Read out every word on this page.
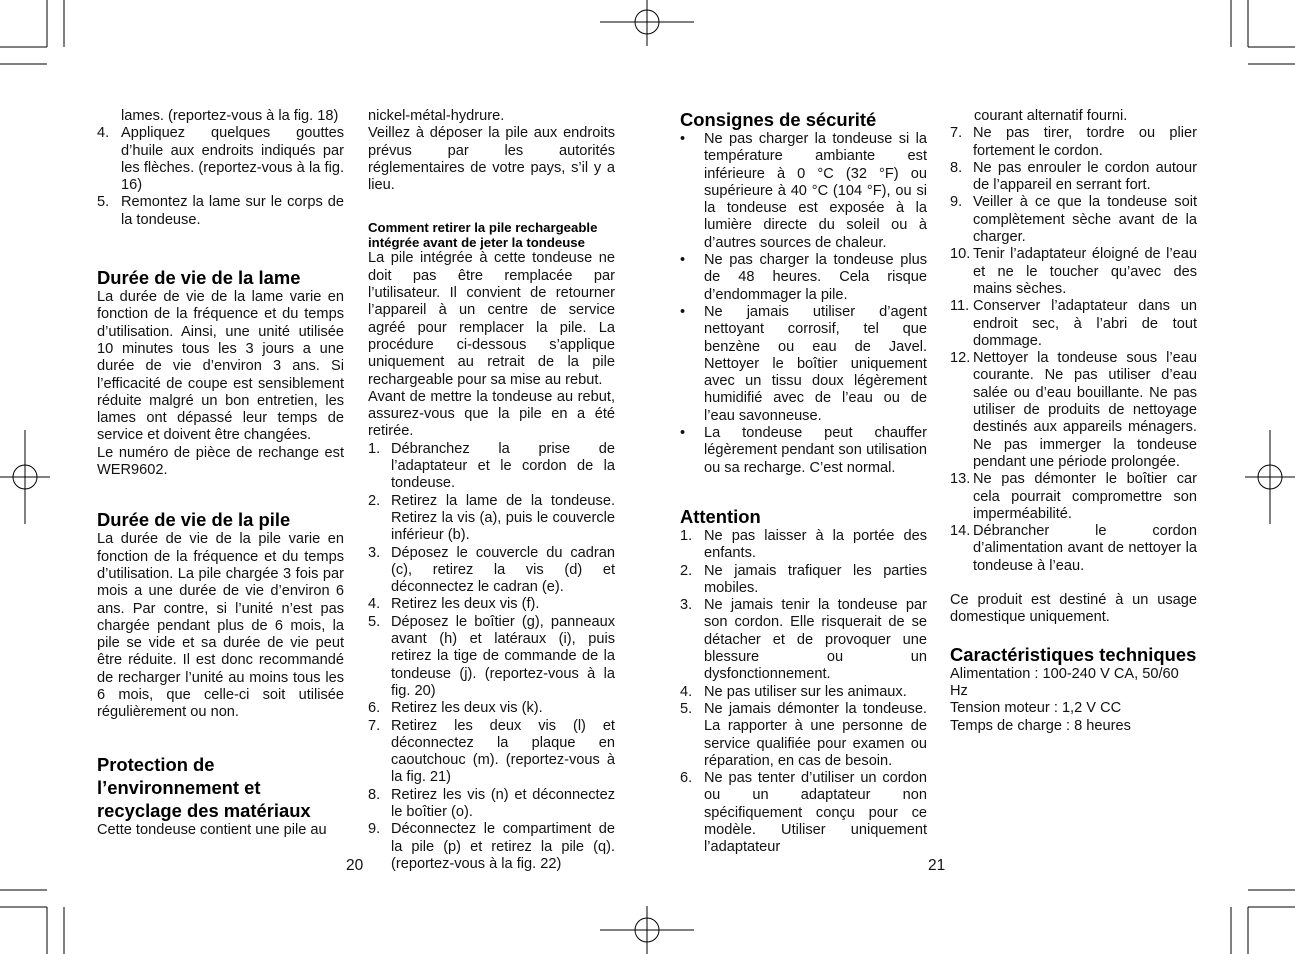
lames. (reportez-vous à la fig. 18)

4. Appliquez quelques gouttes d’huile aux endroits indiqués par les flèches. (reportez-vous à la fig. 16)
5. Remontez la lame sur le corps de la tondeuse.
Durée de vie de la lame

La durée de vie de la lame varie en fonction de la fréquence et du temps d’utilisation. Ainsi, une unité utilisée 10 minutes tous les 3 jours a une durée de vie d’environ 3 ans. Si l’efficacité de coupe est sensiblement réduite malgré un bon entretien, les lames ont dépassé leur temps de service et doivent être changées.

Le numéro de pièce de rechange est WER9602.

Durée de vie de la pile

La durée de vie de la pile varie en fonction de la fréquence et du temps d’utilisation. La pile chargée 3 fois par mois a une durée de vie d’environ 6 ans. Par contre, si l’unité n’est pas chargée pendant plus de 6 mois, la pile se vide et sa durée de vie peut être réduite. Il est donc recommandé de recharger l’unité au moins tous les 6 mois, que celle-ci soit utilisée régulièrement ou non.

Protection de l’environnement et recyclage des matériaux

Cette tondeuse contient une pile au

nickel-métal-hydrure.

Veillez à déposer la pile aux endroits prévus par les autorités réglementaires de votre pays, s’il y a lieu.

Comment retirer la pile rechargeable intégrée avant de jeter la tondeuse

La pile intégrée à cette tondeuse ne doit pas être remplacée par l’utilisateur. Il convient de retourner l’appareil à un centre de service agréé pour remplacer la pile. La procédure ci-dessous s’applique uniquement au retrait de la pile rechargeable pour sa mise au rebut.

Avant de mettre la tondeuse au rebut, assurez-vous que la pile en a été retirée.

1. Débranchez la prise de l’adaptateur et le cordon de la tondeuse.
2. Retirez la lame de la tondeuse. Retirez la vis (a), puis le couvercle inférieur (b).
3. Déposez le couvercle du cadran (c), retirez la vis (d) et déconnectez le cadran (e).
4. Retirez les deux vis (f).
5. Déposez le boîtier (g), panneaux avant (h) et latéraux (i), puis retirez la tige de commande de la tondeuse (j). (reportez-vous à la fig. 20)
6. Retirez les deux vis (k).
7. Retirez les deux vis (l) et déconnectez la plaque en caoutchouc (m). (reportez-vous à la fig. 21)
8. Retirez les vis (n) et déconnectez le boîtier (o).
9. Déconnectez le compartiment de la pile (p) et retirez la pile (q). (reportez-vous à la fig. 22)
20
Consignes de sécurité
•	Ne pas charger la tondeuse si la température ambiante est inférieure à 0 °C (32 °F) ou supérieure à 40 °C (104 °F), ou si la tondeuse est exposée à la lumière directe du soleil ou à d’autres sources de chaleur.
•	Ne pas charger la tondeuse plus de 48 heures. Cela risque d’endommager la pile.
•	Ne jamais utiliser d’agent nettoyant corrosif, tel que benzène ou eau de Javel. Nettoyer le boîtier uniquement avec un tissu doux légèrement humidifié avec de l’eau ou de l’eau savonneuse.
•	La tondeuse peut chauffer légèrement pendant son utilisation ou sa recharge. C’est normal.
Attention
1. Ne pas laisser à la portée des enfants.
2. Ne jamais trafiquer les parties mobiles.
3. Ne jamais tenir la tondeuse par son cordon. Elle risquerait de se détacher et de provoquer une blessure ou un dysfonctionnement.
4. Ne pas utiliser sur les animaux.
5. Ne jamais démonter la tondeuse. La rapporter à une personne de service qualifiée pour examen ou réparation, en cas de besoin.
6. Ne pas tenter d’utiliser un cordon ou un adaptateur non spécifiquement conçu pour ce modèle. Utiliser uniquement l’adaptateur

courant alternatif fourni.

7. Ne pas tirer, tordre ou plier fortement le cordon.
8. Ne pas enrouler le cordon autour de l’appareil en serrant fort.
9. Veiller à ce que la tondeuse soit complètement sèche avant de la charger.
10. Tenir l’adaptateur éloigné de l’eau et ne le toucher qu’avec des mains sèches.
11. Conserver l’adaptateur dans un endroit sec, à l’abri de tout dommage.
12. Nettoyer la tondeuse sous l’eau courante. Ne pas utiliser d’eau salée ou d’eau bouillante. Ne pas utiliser de produits de nettoyage destinés aux appareils ménagers. Ne pas immerger la tondeuse pendant une période prolongée.
13. Ne pas démonter le boîtier car cela pourrait compromettre son imperméabilité.
14. Débrancher le cordon d’alimentation avant de nettoyer la tondeuse à l’eau.

Ce produit est destiné à un usage domestique uniquement.

Caractéristiques techniques

Alimentation : 100-240 V CA, 50/60 Hz

Tension moteur : 1,2 V CC

Temps de charge : 8 heures

21
